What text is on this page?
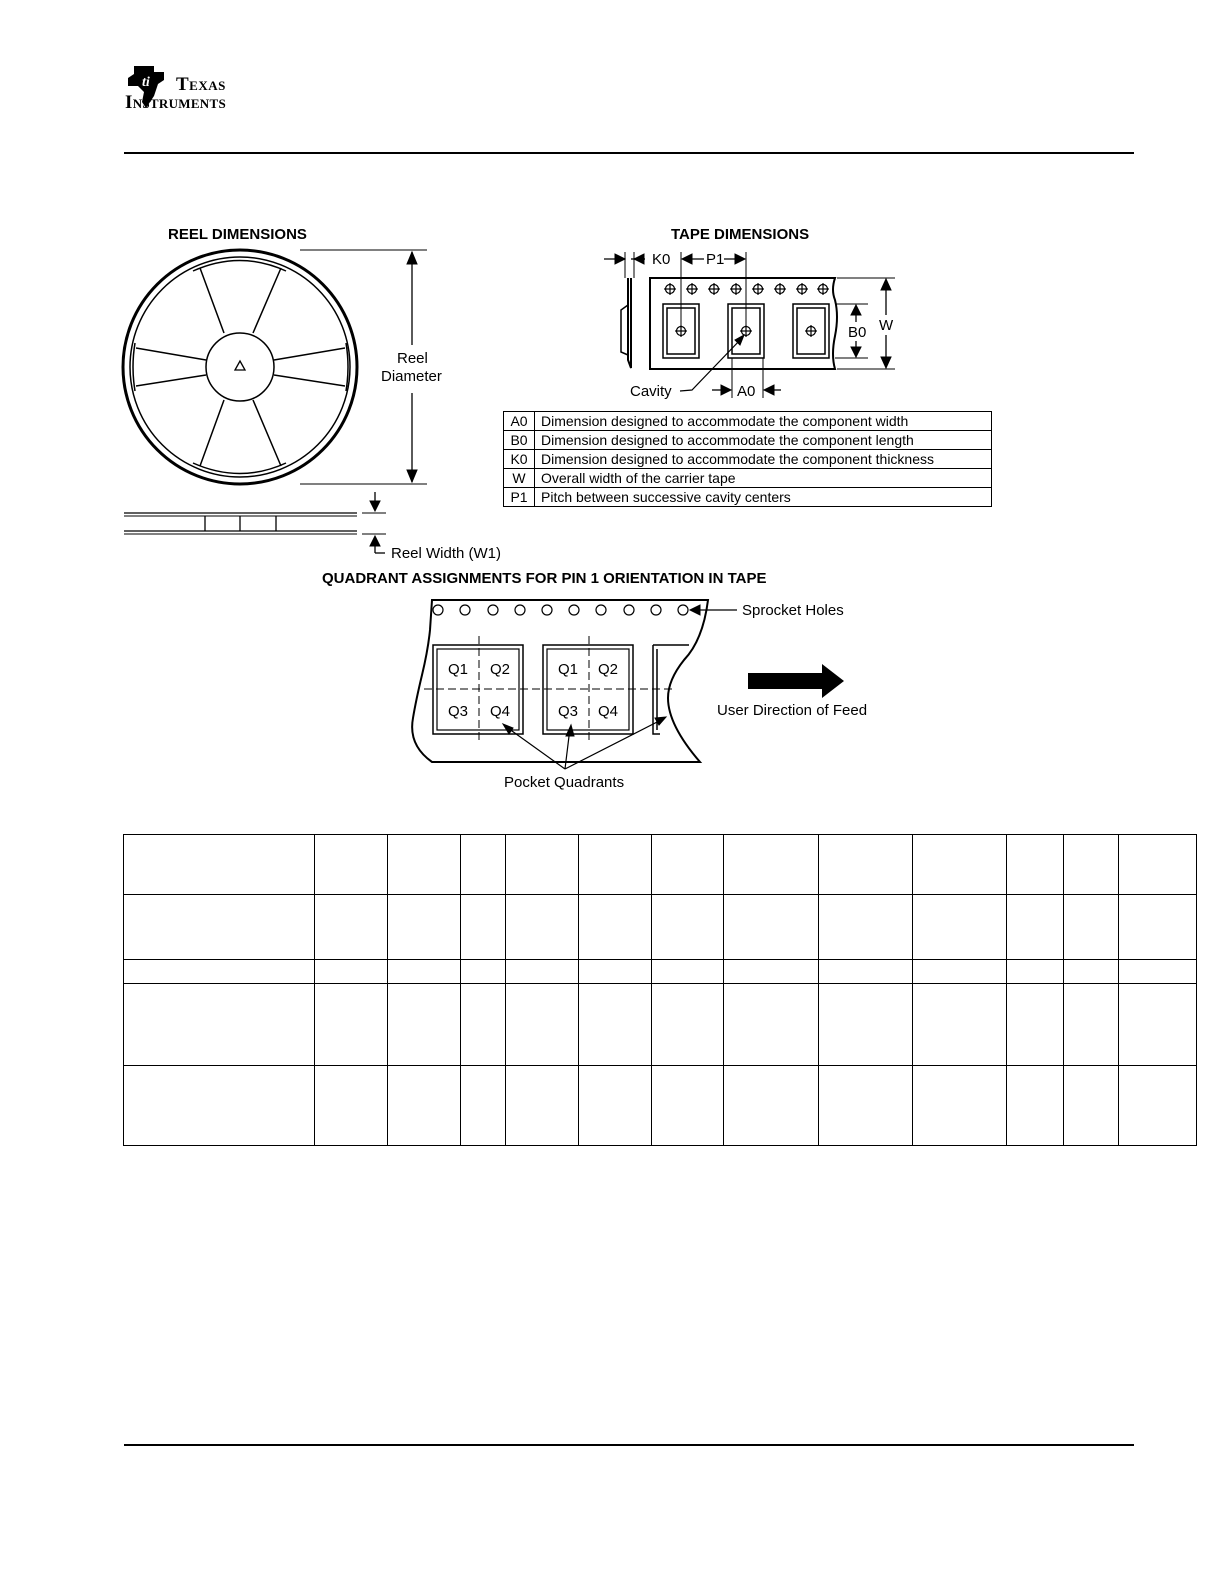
ti Texas
Instruments
REEL DIMENSIONS
Reel
Diameter
Reel Width (W1)
TAPE DIMENSIONS
K0 P1
B0 W
A0
Cavity
QUADRANT ASSIGNMENTS FOR PIN 1 ORIENTATION IN TAPE
Sprocket Holes
Q1 Q2
Q3 Q4
Q1 Q2
Q3 Q4	User Direction of Feed
Pocket Quadrants
A0	Dimension designed to accommodate the component width
B0	Dimension designed to accommodate the component length
K0	Dimension designed to accommodate the component thickness
W	Overall width of the carrier tape
P1	Pitch between successive cavity centers
